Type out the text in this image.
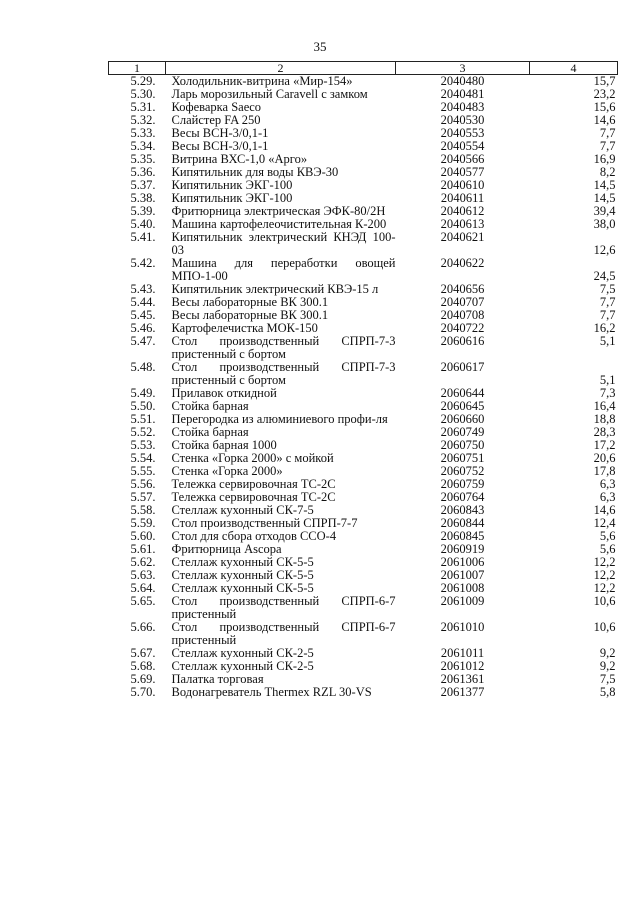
35
1	2	3	4
5.29.	Холодильник-витрина «Мир-154»	2040480	15,7
5.30.	Ларь морозильный Caravell с замком	2040481	23,2
5.31.	Кофеварка Saeco	2040483	15,6
5.32.	Слайстер FA 250	2040530	14,6
5.33.	Весы ВСН-3/0,1-1	2040553	7,7
5.34.	Весы ВСН-3/0,1-1	2040554	7,7
5.35.	Витрина ВХС-1,0 «Арго»	2040566	16,9
5.36.	Кипятильник для воды КВЭ-30	2040577	8,2
5.37.	Кипятильник ЭКГ-100	2040610	14,5
5.38.	Кипятильник ЭКГ-100	2040611	14,5
5.39.	Фритюрница электрическая ЭФК-80/2Н	2040612	39,4
5.40.	Машина картофелеочистительная К-200	2040613	38,0
5.41.	Кипятильник электрический КНЭД 100-03	2040621	12,6
5.42.	Машина для переработки овощей МПО-1-00	2040622	24,5
5.43.	Кипятильник электрический КВЭ-15 л	2040656	7,5
5.44.	Весы лабораторные ВК 300.1	2040707	7,7
5.45.	Весы лабораторные ВК 300.1	2040708	7,7
5.46.	Картофелечистка МОК-150	2040722	16,2
5.47.	Стол производственный СПРП-7-3 пристенный с бортом	2060616	5,1
5.48.	Стол производственный СПРП-7-3 пристенный с бортом	2060617	5,1
5.49.	Прилавок откидной	2060644	7,3
5.50.	Стойка барная	2060645	16,4
5.51.	Перегородка из алюминиевого профи-ля	2060660	18,8
5.52.	Стойка барная	2060749	28,3
5.53.	Стойка барная 1000	2060750	17,2
5.54.	Стенка «Горка 2000» с мойкой	2060751	20,6
5.55.	Стенка «Горка 2000»	2060752	17,8
5.56.	Тележка сервировочная ТС-2С	2060759	6,3
5.57.	Тележка сервировочная ТС-2С	2060764	6,3
5.58.	Стеллаж кухонный СК-7-5	2060843	14,6
5.59.	Стол производственный СПРП-7-7	2060844	12,4
5.60.	Стол для сбора отходов ССО-4	2060845	5,6
5.61.	Фритюрница Ascopa	2060919	5,6
5.62.	Стеллаж кухонный СК-5-5	2061006	12,2
5.63.	Стеллаж кухонный СК-5-5	2061007	12,2
5.64.	Стеллаж кухонный СК-5-5	2061008	12,2
5.65.	Стол производственный СПРП-6-7 пристенный	2061009	10,6
5.66.	Стол производственный СПРП-6-7 пристенный	2061010	10,6
5.67.	Стеллаж кухонный СК-2-5	2061011	9,2
5.68.	Стеллаж кухонный СК-2-5	2061012	9,2
5.69.	Палатка торговая	2061361	7,5
5.70.	Водонагреватель Thermex RZL 30-VS	2061377	5,8
